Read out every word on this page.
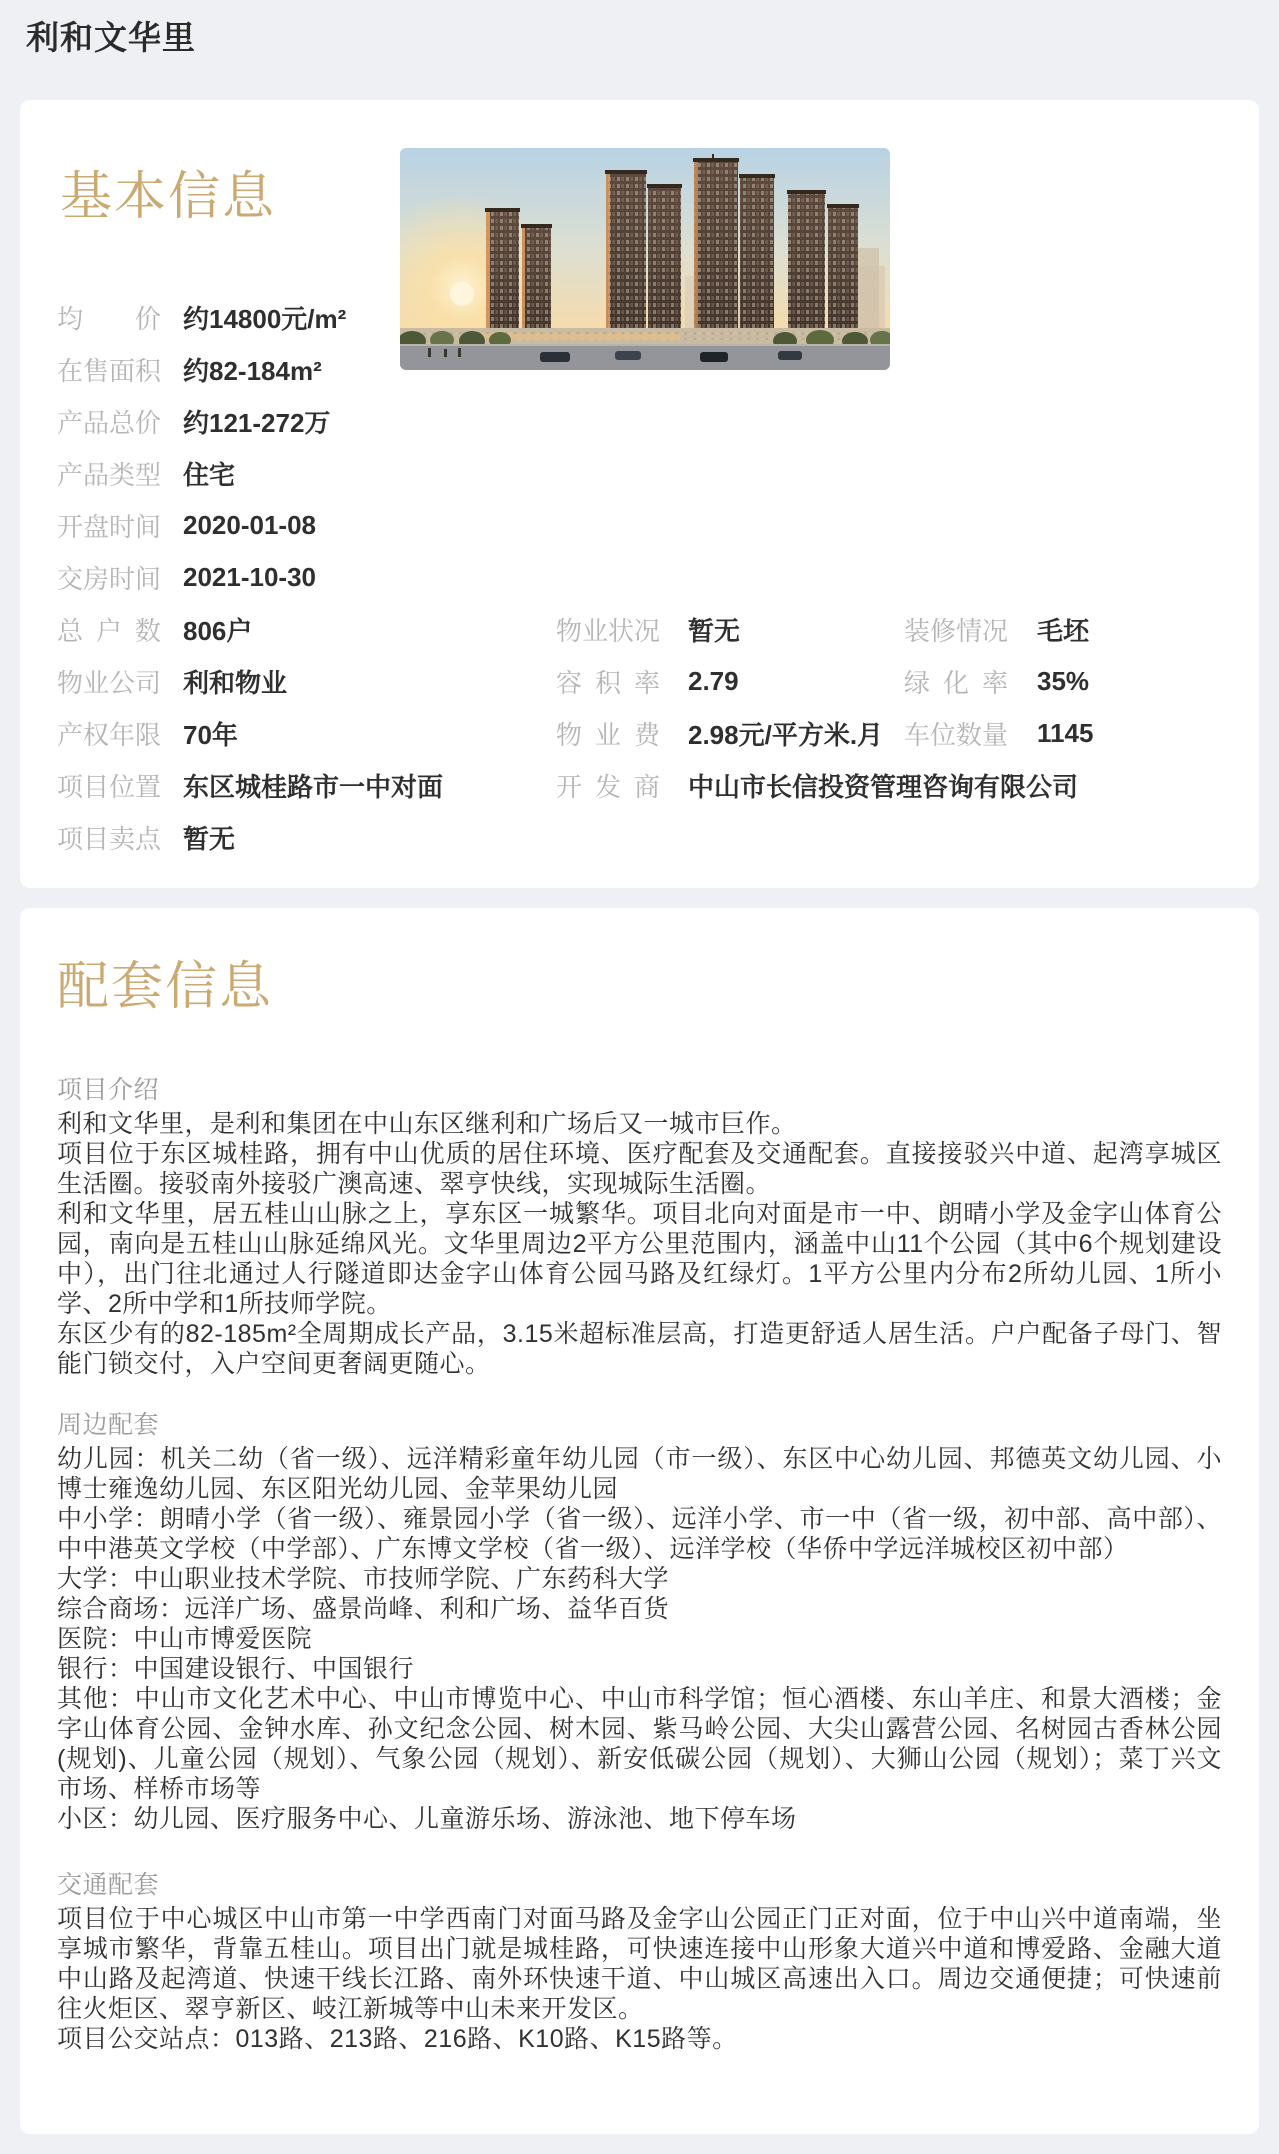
利和文华里
基本信息
均 价 约14800元/m²
在 售 面 积 约82-184m²
产 品 总 价 约121-272万
产 品 类 型 住宅
开 盘 时 间 2020-01-08
交 房 时 间 2021-10-30
总 户 数 806户
物 业 公 司 利和物业
产 权 年 限 70年
项 目 位 置 东区城桂路市一中对面
项 目 卖 点 暂无
物 业 状 况 暂无
容 积 率 2.79
物 业 费 2.98元/平方米.月
开 发 商 中山市长信投资管理咨询有限公司
装 修 情 况 毛坯
绿 化 率 35%
车 位 数 量 1145
配套信息
项目介绍

利和文华里，是利和集团在中山东区继利和广场后又一城市巨作。

项目位于东区城桂路，拥有中山优质的居住环境、医疗配套及交通配套。直接接驳兴中道、起湾享城区生活圈。接驳南外接驳广澳高速、翠亨快线，实现城际生活圈。

利和文华里，居五桂山山脉之上，享东区一城繁华。项目北向对面是市一中、朗晴小学及金字山体育公园，南向是五桂山山脉延绵风光。文华里周边2平方公里范围内，涵盖中山11个公园（其中6个规划建设中），出门往北通过人行隧道即达金字山体育公园马路及红绿灯。1平方公里内分布2所幼儿园、1所小学、2所中学和1所技师学院。

东区少有的82-185m²全周期成长产品，3.15米超标准层高，打造更舒适人居生活。户户配备子母门、智能门锁交付，入户空间更奢阔更随心。

周边配套

幼儿园：机关二幼（省一级）、远洋精彩童年幼儿园（市一级）、东区中心幼儿园、邦德英文幼儿园、小博士雍逸幼儿园、东区阳光幼儿园、金苹果幼儿园

中小学：朗晴小学（省一级）、雍景园小学（省一级）、远洋小学、市一中（省一级，初中部、高中部）、中中港英文学校（中学部）、广东博文学校（省一级）、远洋学校（华侨中学远洋城校区初中部）

大学：中山职业技术学院、市技师学院、广东药科大学

综合商场：远洋广场、盛景尚峰、利和广场、益华百货

医院：中山市博爱医院

银行：中国建设银行、中国银行

其他：中山市文化艺术中心、中山市博览中心、中山市科学馆；恒心酒楼、东山羊庄、和景大酒楼；金字山体育公园、金钟水库、孙文纪念公园、树木园、紫马岭公园、大尖山露营公园、名树园古香林公园(规划)、儿童公园（规划）、气象公园（规划）、新安低碳公园（规划）、大狮山公园（规划）；菜丁兴文市场、样桥市场等

小区：幼儿园、医疗服务中心、儿童游乐场、游泳池、地下停车场

交通配套

项目位于中心城区中山市第一中学西南门对面马路及金字山公园正门正对面，位于中山兴中道南端，坐享城市繁华，背靠五桂山。项目出门就是城桂路，可快速连接中山形象大道兴中道和博爱路、金融大道中山路及起湾道、快速干线长江路、南外环快速干道、中山城区高速出入口。周边交通便捷；可快速前往火炬区、翠亨新区、岐江新城等中山未来开发区。

项目公交站点：013路、213路、216路、K10路、K15路等。
